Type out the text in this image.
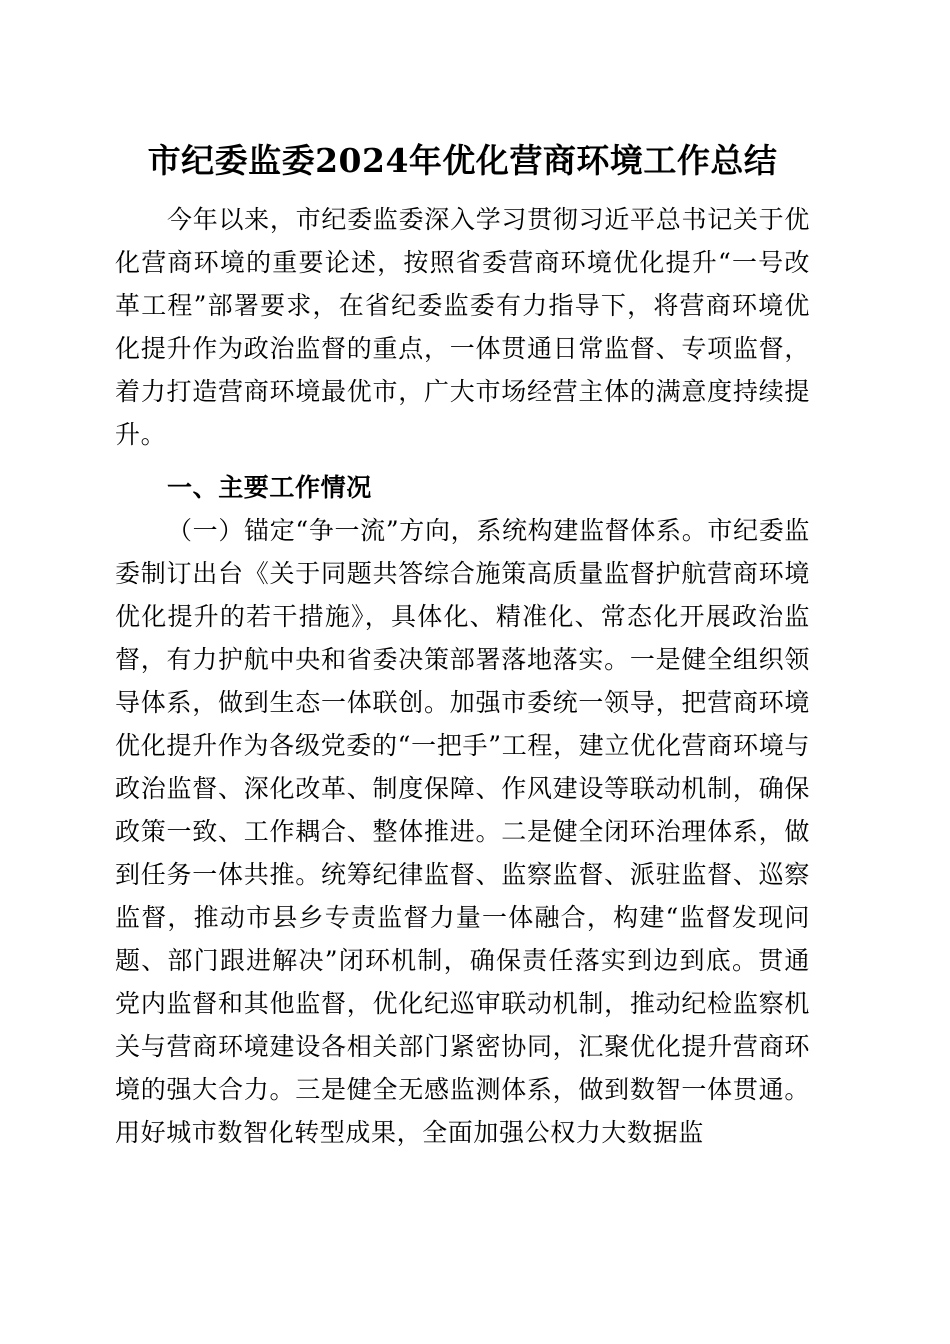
市纪委监委2024年优化营商环境工作总结

今年以来，市纪委监委深入学习贯彻习近平总书记关于优化营商环境的重要论述，按照省委营商环境优化提升“一号改革工程”部署要求，在省纪委监委有力指导下，将营商环境优化提升作为政治监督的重点，一体贯通日常监督、专项监督，着力打造营商环境最优市，广大市场经营主体的满意度持续提升。

一、主要工作情况

（一）锚定“争一流”方向，系统构建监督体系。市纪委监委制订出台《关于同题共答综合施策高质量监督护航营商环境优化提升的若干措施》，具体化、精准化、常态化开展政治监督，有力护航中央和省委决策部署落地落实。一是健全组织领导体系，做到生态一体联创。加强市委统一领导，把营商环境优化提升作为各级党委的“一把手”工程，建立优化营商环境与政治监督、深化改革、制度保障、作风建设等联动机制，确保政策一致、工作耦合、整体推进。二是健全闭环治理体系，做到任务一体共推。统筹纪律监督、监察监督、派驻监督、巡察监督，推动市县乡专责监督力量一体融合，构建“监督发现问题、部门跟进解决”闭环机制，确保责任落实到边到底。贯通党内监督和其他监督，优化纪巡审联动机制，推动纪检监察机关与营商环境建设各相关部门紧密协同，汇聚优化提升营商环境的强大合力。三是健全无感监测体系，做到数智一体贯通。用好城市数智化转型成果，全面加强公权力大数据监
